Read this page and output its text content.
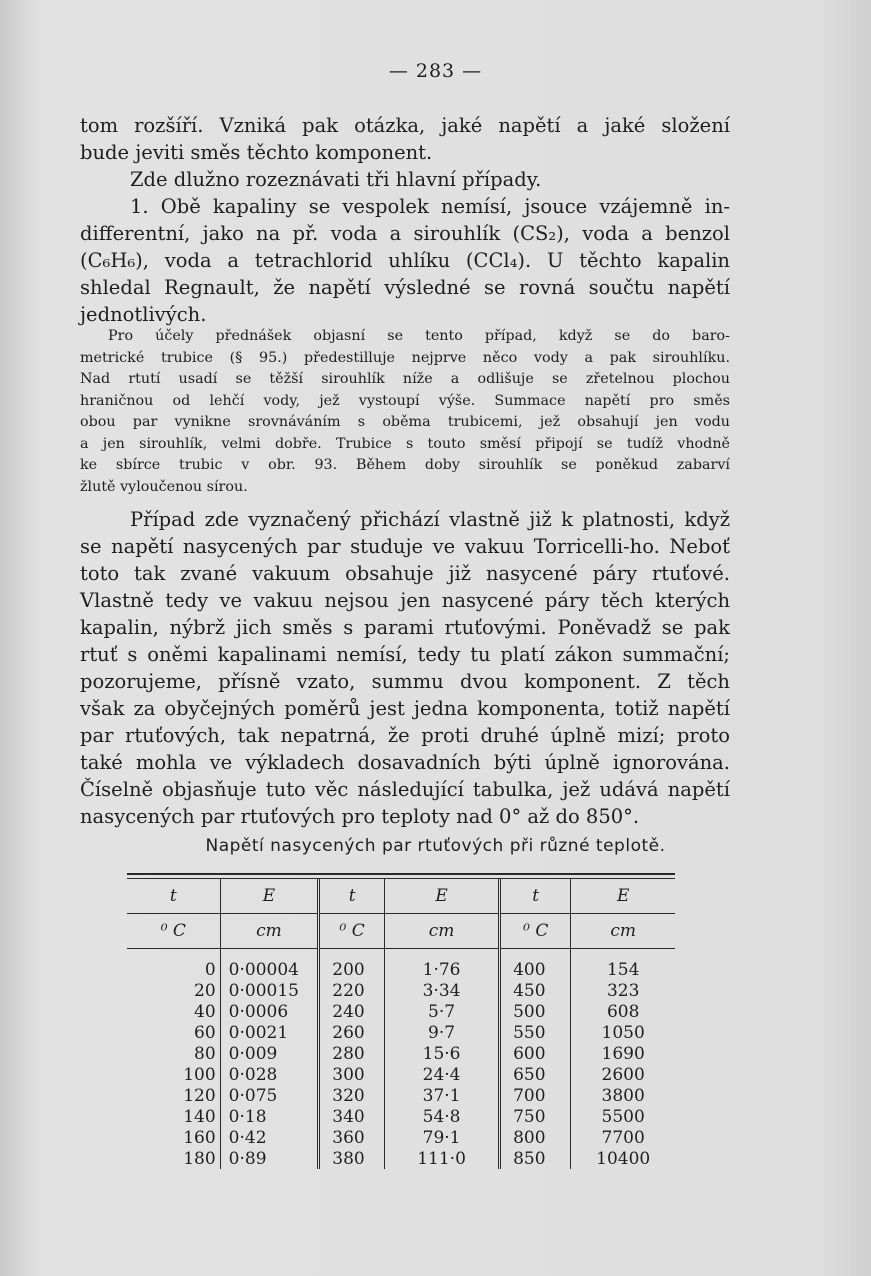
— 283 —
tom rozšíří. Vzniká pak otázka, jaké napětí a jaké složení
bude jeviti směs těchto komponent.
Zde dlužno rozeznávati tři hlavní případy.
1. Obě kapaliny se vespolek nemísí, jsouce vzájemně in-
differentní, jako na př. voda a sirouhlík (CS₂), voda a benzol
(C₆H₆), voda a tetrachlorid uhlíku (CCl₄). U těchto kapalin
shledal Regnault, že napětí výsledné se rovná součtu napětí
jednotlivých.
Pro účely přednášek objasní se tento případ, když se do baro-
metrické trubice (§ 95.) předestilluje nejprve něco vody a pak sirouhlíku.
Nad rtutí usadí se těžší sirouhlík níže a odlišuje se zřetelnou plochou
hraničnou od lehčí vody, jež vystoupí výše. Summace napětí pro směs
obou par vynikne srovnáváním s oběma trubicemi, jež obsahují jen vodu
a jen sirouhlík, velmi dobře. Trubice s touto směsí připojí se tudíž vhodně
ke sbírce trubic v obr. 93. Během doby sirouhlík se poněkud zabarví
žlutě vyloučenou sírou.
Případ zde vyznačený přichází vlastně již k platnosti, když
se napětí nasycených par studuje ve vakuu Torricelli-ho. Neboť
toto tak zvané vakuum obsahuje již nasycené páry rtuťové.
Vlastně tedy ve vakuu nejsou jen nasycené páry těch kterých
kapalin, nýbrž jich směs s parami rtuťovými. Poněvadž se pak
rtuť s oněmi kapalinami nemísí, tedy tu platí zákon summační;
pozorujeme, přísně vzato, summu dvou komponent. Z těch
však za obyčejných poměrů jest jedna komponenta, totiž napětí
par rtuťových, tak nepatrná, že proti druhé úplně mizí; proto
také mohla ve výkladech dosavadních býti úplně ignorována.
Číselně objasňuje tuto věc následující tabulka, jež udává napětí
nasycených par rtuťových pro teploty nad 0° až do 850°.
Napětí nasycených par rtuťových při různé teplotě.
t	E	t	E	t	E
⁰ C	cm	⁰ C	cm	⁰ C	cm

0	0·00004	200	1·76	400	154
20	0·00015	220	3·34	450	323
40	0·0006	240	5·7	500	608
60	0·0021	260	9·7	550	1050
80	0·009	280	15·6	600	1690
100	0·028	300	24·4	650	2600
120	0·075	320	37·1	700	3800
140	0·18	340	54·8	750	5500
160	0·42	360	79·1	800	7700
180	0·89	380	111·0	850	10400
